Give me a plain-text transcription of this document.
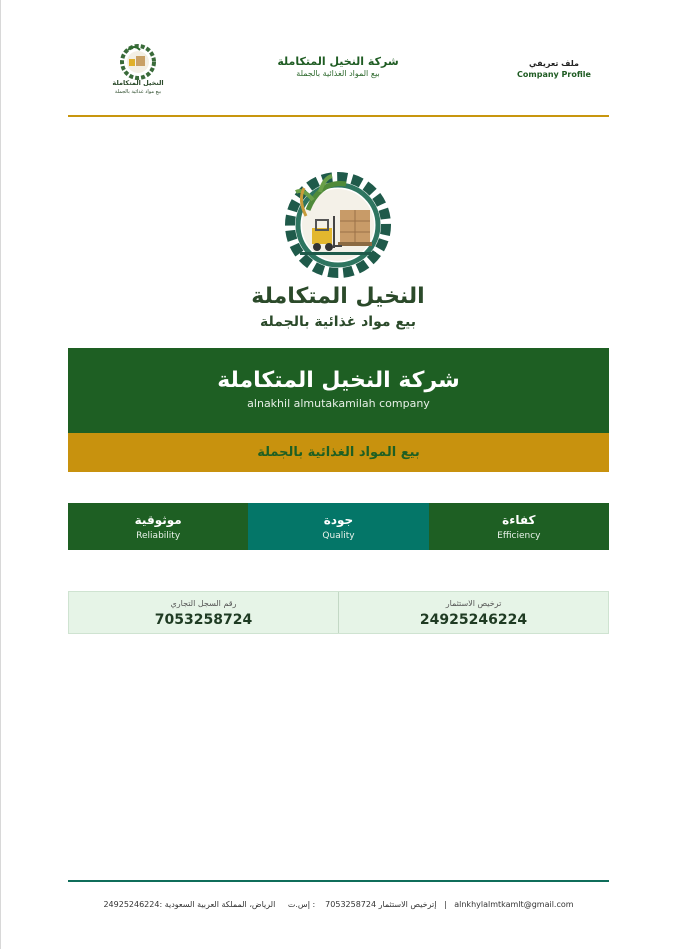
النخيل المتكاملة
بيع مواد غذائية بالجملة
شركة النخيل المتكاملة
بيع المواد الغذائية بالجملة
ملف تعريفي
Company Profile
النخيل المتكاملة
بيع مواد غذائية بالجملة
شركة النخيل المتكاملة
alnakhil almutakamilah company
بيع المواد الغذائية بالجملة
موثوقية
Reliability
جودة
Quality
كفاءة
Efficiency
رقم السجل التجاري
7053258724
ترخيص الاستثمار
24925246224
24925246224: إترخيص الاستثمار 7053258724: إس.ت الرياض، المملكة العربية السعودية	| alnkhylalmtkamlt@gmail.com
